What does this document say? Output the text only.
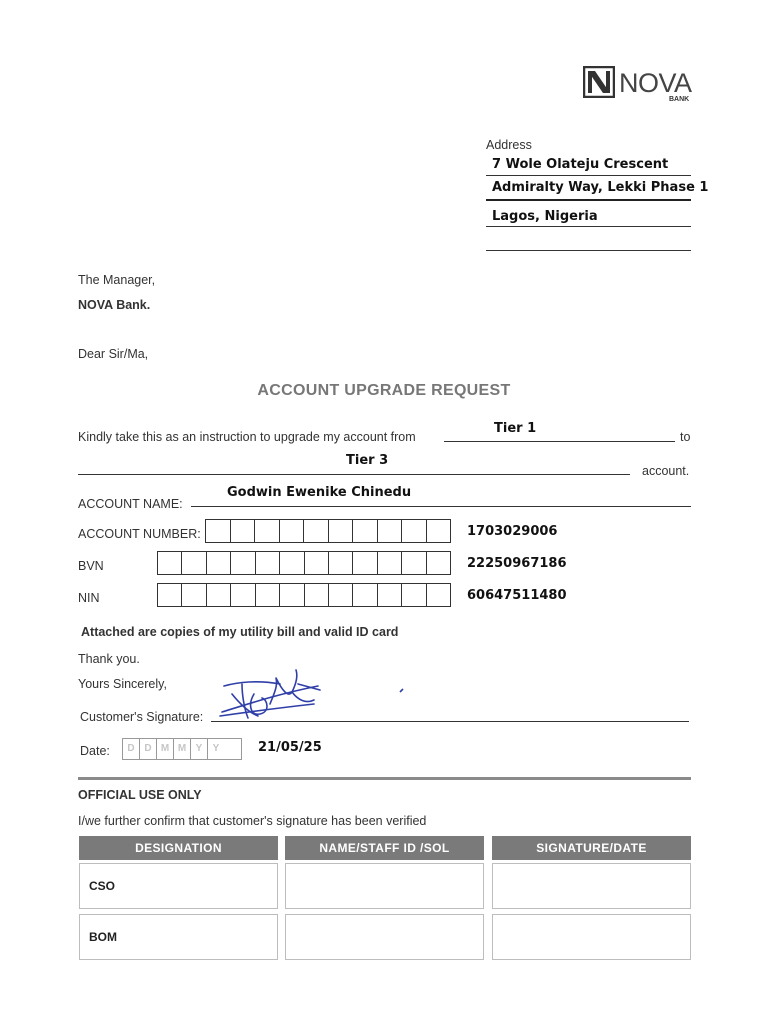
NOVA
BANK
Address
7 Wole Olateju Crescent
Admiralty Way, Lekki Phase 1
Lagos, Nigeria
The Manager,
NOVA Bank.
Dear Sir/Ma,
ACCOUNT UPGRADE REQUEST
Kindly take this as an instruction to upgrade my account from
Tier 1
to
Tier 3
account.
ACCOUNT NAME:
Godwin Ewenike Chinedu
ACCOUNT NUMBER:	1703029006
BVN	22250967186
NIN	60647511480
Attached are copies of my utility bill and valid ID card
Thank you.
Yours Sincerely,
Customer's Signature:
Date:	D D M M Y	Y	21/05/25
OFFICIAL USE ONLY
I/we further confirm that customer's signature has been verified
DESIGNATION	NAME/STAFF ID /SOL	SIGNATURE/DATE
CSO
BOM
